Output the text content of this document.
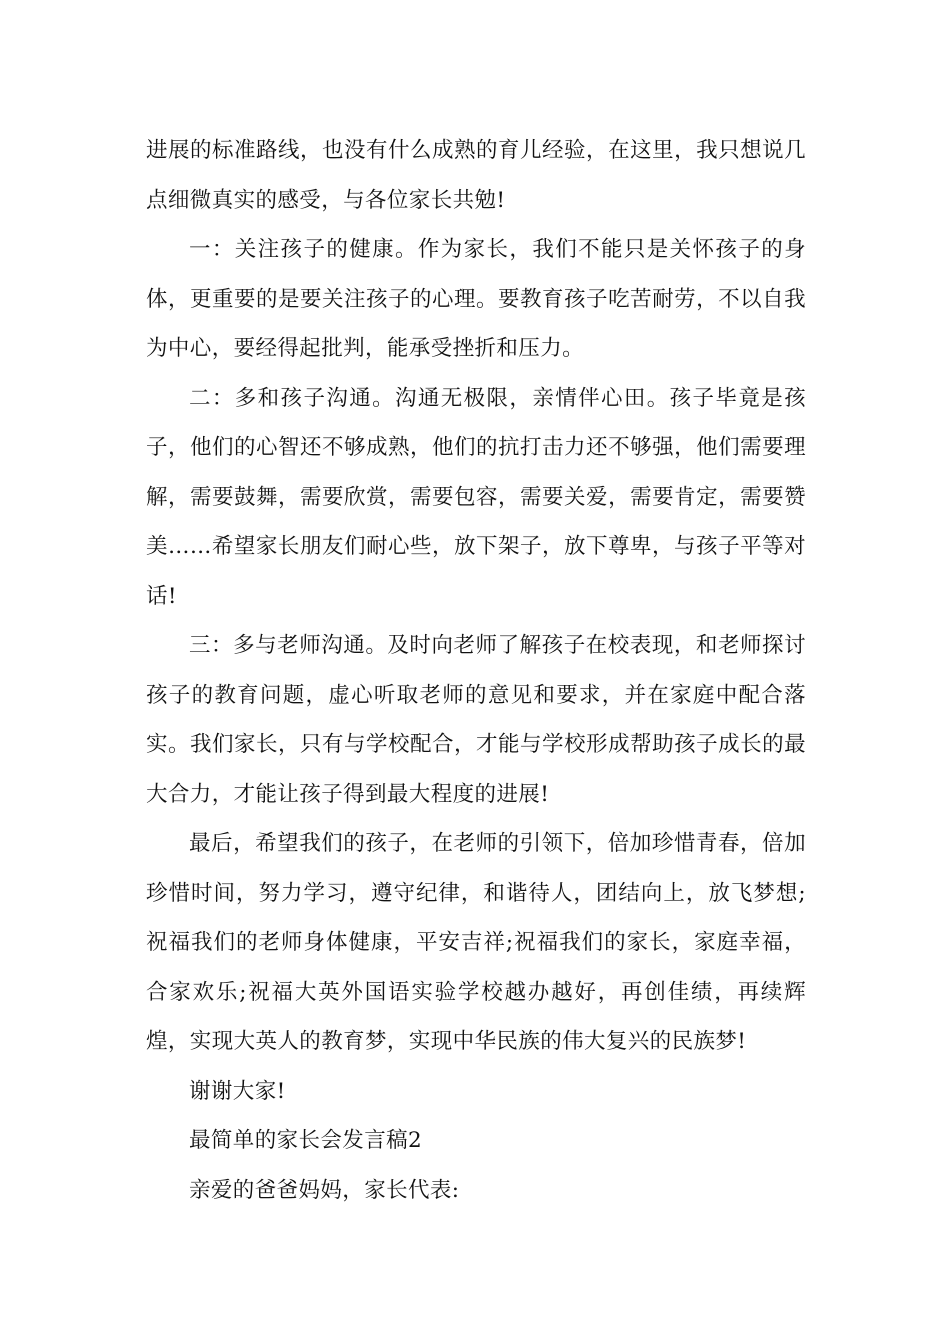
进展的标准路线，也没有什么成熟的育儿经验，在这里，我只想说几点细微真实的感受，与各位家长共勉!

一：关注孩子的健康。作为家长，我们不能只是关怀孩子的身体，更重要的是要关注孩子的心理。要教育孩子吃苦耐劳，不以自我为中心，要经得起批判，能承受挫折和压力。

二：多和孩子沟通。沟通无极限，亲情伴心田。孩子毕竟是孩子，他们的心智还不够成熟，他们的抗打击力还不够强，他们需要理解，需要鼓舞，需要欣赏，需要包容，需要关爱，需要肯定，需要赞美……希望家长朋友们耐心些，放下架子，放下尊卑，与孩子平等对话!

三：多与老师沟通。及时向老师了解孩子在校表现，和老师探讨孩子的教育问题，虚心听取老师的意见和要求，并在家庭中配合落实。我们家长，只有与学校配合，才能与学校形成帮助孩子成长的最大合力，才能让孩子得到最大程度的进展!

最后，希望我们的孩子，在老师的引领下，倍加珍惜青春，倍加珍惜时间，努力学习，遵守纪律，和谐待人，团结向上，放飞梦想;祝福我们的老师身体健康，平安吉祥;祝福我们的家长，家庭幸福，合家欢乐;祝福大英外国语实验学校越办越好，再创佳绩，再续辉煌，实现大英人的教育梦，实现中华民族的伟大复兴的民族梦!

谢谢大家!

最简单的家长会发言稿2

亲爱的爸爸妈妈，家长代表:
